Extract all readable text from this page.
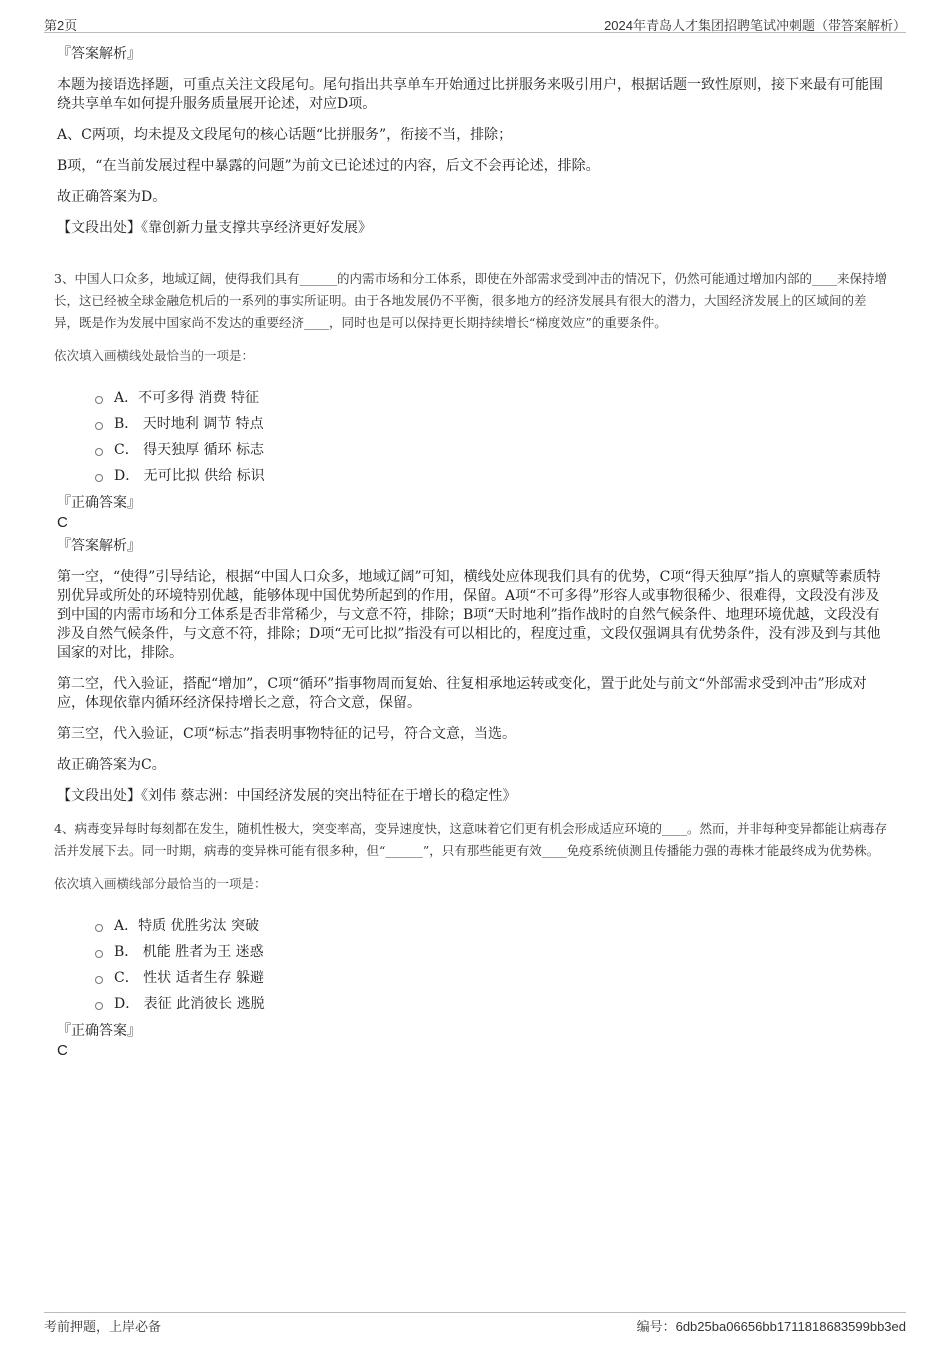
第2页	2024年青岛人才集团招聘笔试冲刺题（带答案解析）

『答案解析』

本题为接语选择题，可重点关注文段尾句。尾句指出共享单车开始通过比拼服务来吸引用户，根据话题一致性原则，接下来最有可能围绕共享单车如何提升服务质量展开论述，对应D项。

A、C两项，均未提及文段尾句的核心话题“比拼服务”，衔接不当，排除；

B项，“在当前发展过程中暴露的问题”为前文已论述过的内容，后文不会再论述，排除。

故正确答案为D。

【文段出处】《靠创新力量支撑共享经济更好发展》

3、中国人口众多，地域辽阔，使得我们具有______的内需市场和分工体系，即使在外部需求受到冲击的情况下，仍然可能通过增加内部的____来保持增长，这已经被全球金融危机后的一系列的事实所证明。由于各地发展仍不平衡，很多地方的经济发展具有很大的潜力，大国经济发展上的区域间的差异，既是作为发展中国家尚不发达的重要经济____，同时也是可以保持更长期持续增长“梯度效应”的重要条件。

依次填入画横线处最恰当的一项是：

A．不可多得 消费 特征
B． 天时地利 调节 特点
C． 得天独厚 循环 标志
D． 无可比拟 供给 标识

『正确答案』

C

『答案解析』

第一空，“使得”引导结论，根据“中国人口众多，地域辽阔”可知，横线处应体现我们具有的优势，C项“得天独厚”指人的禀赋等素质特别优异或所处的环境特别优越，能够体现中国优势所起到的作用，保留。A项“不可多得”形容人或事物很稀少、很难得，文段没有涉及到中国的内需市场和分工体系是否非常稀少，与文意不符，排除；B项“天时地利”指作战时的自然气候条件、地理环境优越，文段没有涉及自然气候条件，与文意不符，排除；D项“无可比拟”指没有可以相比的，程度过重，文段仅强调具有优势条件，没有涉及到与其他国家的对比，排除。

第二空，代入验证，搭配“增加”，C项“循环”指事物周而复始、往复相承地运转或变化，置于此处与前文“外部需求受到冲击”形成对应，体现依靠内循环经济保持增长之意，符合文意，保留。

第三空，代入验证，C项“标志”指表明事物特征的记号，符合文意，当选。

故正确答案为C。

【文段出处】《刘伟 蔡志洲：中国经济发展的突出特征在于增长的稳定性》

4、病毒变异每时每刻都在发生，随机性极大，突变率高，变异速度快，这意味着它们更有机会形成适应环境的____。然而，并非每种变异都能让病毒存活并发展下去。同一时期，病毒的变异株可能有很多种，但“______”，只有那些能更有效____免疫系统侦测且传播能力强的毒株才能最终成为优势株。

依次填入画横线部分最恰当的一项是：

A．特质 优胜劣汰 突破
B． 机能 胜者为王 迷惑
C． 性状 适者生存 躲避
D． 表征 此消彼长 逃脱

『正确答案』

C

考前押题，上岸必备	编号：6db25ba06656bb1711818683599bb3ed
